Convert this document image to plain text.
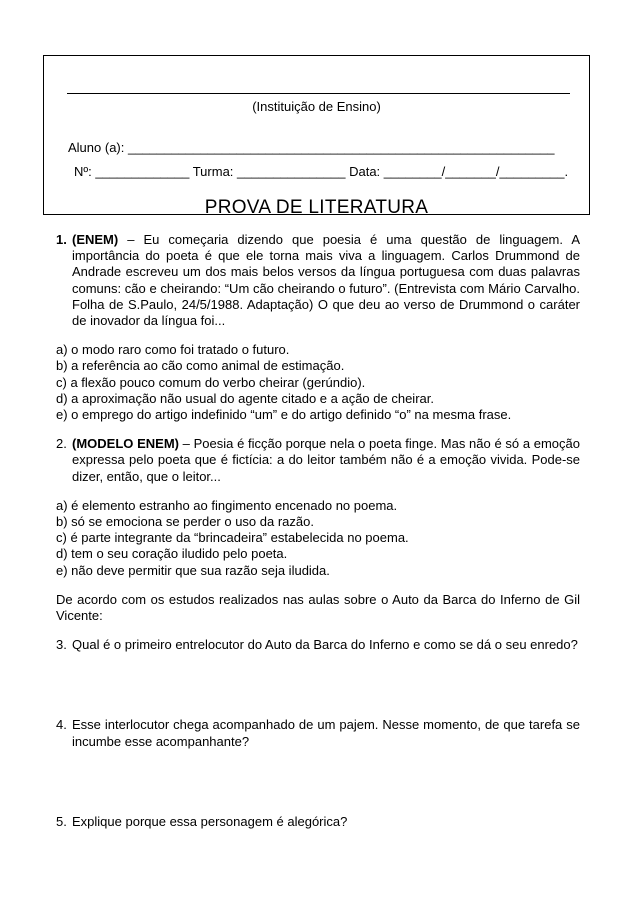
(Instituição de Ensino)
Aluno (a): ___________________________________________________________
Nº: _____________ Turma: _______________ Data: ________/_______/_________.
PROVA DE LITERATURA
1. (ENEM) – Eu começaria dizendo que poesia é uma questão de linguagem. A importância do poeta é que ele torna mais viva a linguagem. Carlos Drummond de Andrade escreveu um dos mais belos versos da língua portuguesa com duas palavras comuns: cão e cheirando: “Um cão cheirando o futuro”. (Entrevista com Mário Carvalho. Folha de S.Paulo, 24/5/1988. Adaptação) O que deu ao verso de Drummond o caráter de inovador da língua foi...
a) o modo raro como foi tratado o futuro.
b) a referência ao cão como animal de estimação.
c) a flexão pouco comum do verbo cheirar (gerúndio).
d) a aproximação não usual do agente citado e a ação de cheirar.
e) o emprego do artigo indefinido “um” e do artigo definido “o” na mesma frase.
2. (MODELO ENEM) – Poesia é ficção porque nela o poeta finge. Mas não é só a emoção expressa pelo poeta que é fictícia: a do leitor também não é a emoção vivida. Pode-se dizer, então, que o leitor...
a) é elemento estranho ao fingimento encenado no poema.
b) só se emociona se perder o uso da razão.
c) é parte integrante da “brincadeira” estabelecida no poema.
d) tem o seu coração iludido pelo poeta.
e) não deve permitir que sua razão seja iludida.
De acordo com os estudos realizados nas aulas sobre o Auto da Barca do Inferno de Gil Vicente:
3. Qual é o primeiro entrelocutor do Auto da Barca do Inferno e como se dá o seu enredo?
4. Esse interlocutor chega acompanhado de um pajem. Nesse momento, de que tarefa se incumbe esse acompanhante?
5. Explique porque essa personagem é alegórica?
